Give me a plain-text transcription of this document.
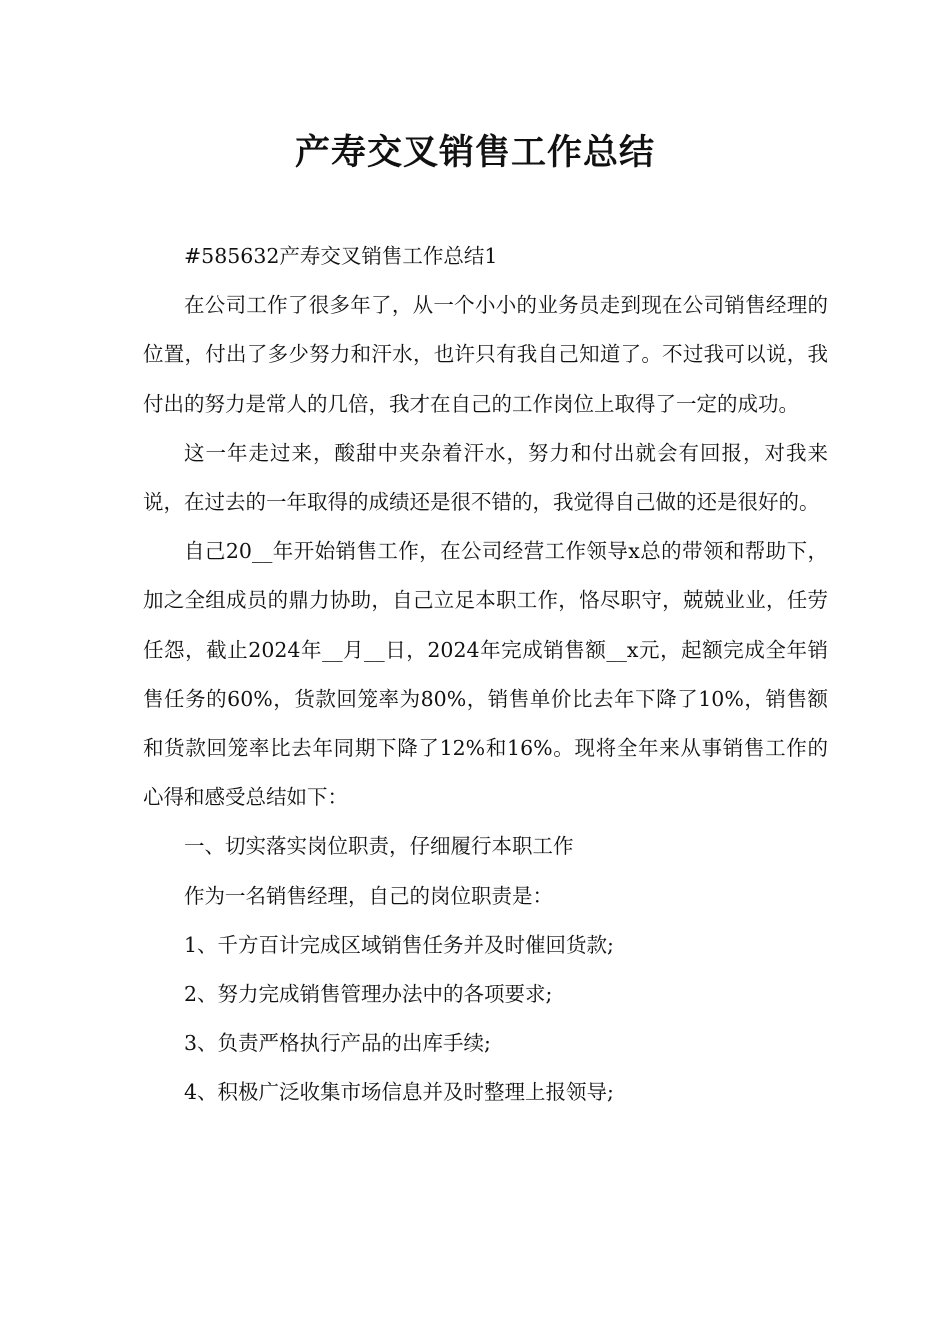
产寿交叉销售工作总结

#585632产寿交叉销售工作总结1

在公司工作了很多年了，从一个小小的业务员走到现在公司销售经理的位置，付出了多少努力和汗水，也许只有我自己知道了。不过我可以说，我付出的努力是常人的几倍，我才在自己的工作岗位上取得了一定的成功。

这一年走过来，酸甜中夹杂着汗水，努力和付出就会有回报，对我来说，在过去的一年取得的成绩还是很不错的，我觉得自己做的还是很好的。

自己20__年开始销售工作，在公司经营工作领导x总的带领和帮助下，加之全组成员的鼎力协助，自己立足本职工作，恪尽职守，兢兢业业，任劳任怨，截止2024年__月__日，2024年完成销售额__x元，起额完成全年销售任务的60%，货款回笼率为80%，销售单价比去年下降了10%，销售额和货款回笼率比去年同期下降了12%和16%。现将全年来从事销售工作的心得和感受总结如下：

一、切实落实岗位职责，仔细履行本职工作

作为一名销售经理，自己的岗位职责是：

1、千方百计完成区域销售任务并及时催回货款;

2、努力完成销售管理办法中的各项要求;

3、负责严格执行产品的出库手续;

4、积极广泛收集市场信息并及时整理上报领导;
